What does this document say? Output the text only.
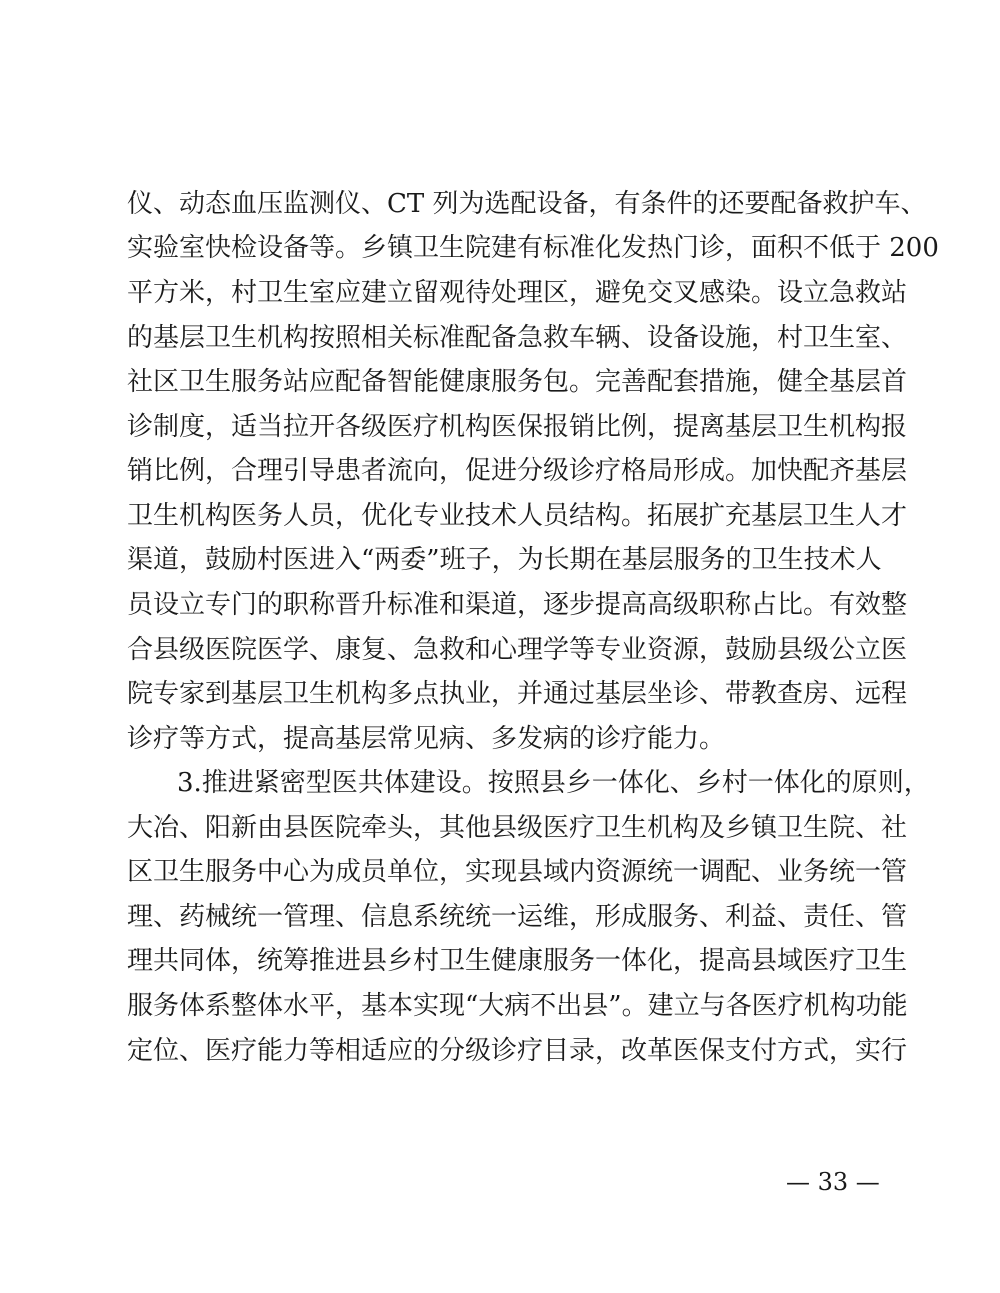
仪、动态血压监测仪、CT 列为选配设备，有条件的还要配备救护车、
实验室快检设备等。乡镇卫生院建有标准化发热门诊，面积不低于 200
平方米，村卫生室应建立留观待处理区，避免交叉感染。设立急救站
的基层卫生机构按照相关标准配备急救车辆、设备设施，村卫生室、
社区卫生服务站应配备智能健康服务包。完善配套措施，健全基层首
诊制度，适当拉开各级医疗机构医保报销比例，提离基层卫生机构报
销比例，合理引导患者流向，促进分级诊疗格局形成。加快配齐基层
卫生机构医务人员，优化专业技术人员结构。拓展扩充基层卫生人才
渠道，鼓励村医进入“两委”班子，为长期在基层服务的卫生技术人
员设立专门的职称晋升标准和渠道，逐步提高高级职称占比。有效整
合县级医院医学、康复、急救和心理学等专业资源，鼓励县级公立医
院专家到基层卫生机构多点执业，并通过基层坐诊、带教查房、远程
诊疗等方式，提高基层常见病、多发病的诊疗能力。
3.推进紧密型医共体建设。按照县乡一体化、乡村一体化的原则，
大冶、阳新由县医院牵头，其他县级医疗卫生机构及乡镇卫生院、社
区卫生服务中心为成员单位，实现县域内资源统一调配、业务统一管
理、药械统一管理、信息系统统一运维，形成服务、利益、责任、管
理共同体，统筹推进县乡村卫生健康服务一体化，提高县域医疗卫生
服务体系整体水平，基本实现“大病不出县”。建立与各医疗机构功能
定位、医疗能力等相适应的分级诊疗目录，改革医保支付方式，实行
— 33 —
